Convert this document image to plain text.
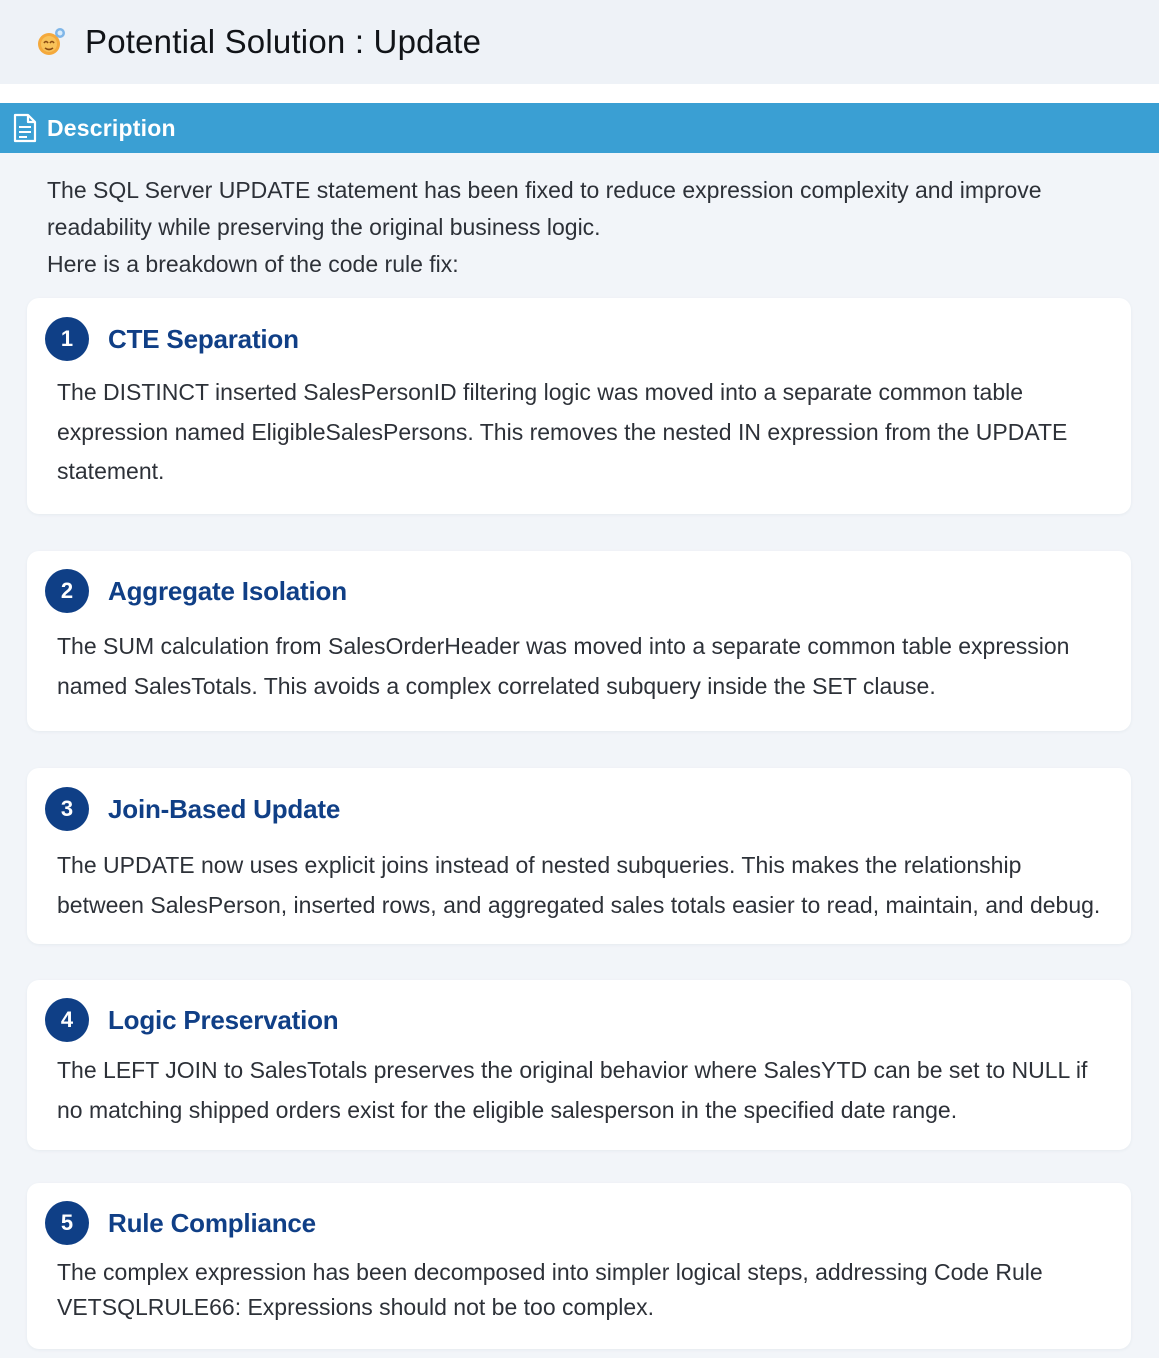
Potential Solution : Update
Description

The SQL Server UPDATE statement has been fixed to reduce expression complexity and improve readability while preserving the original business logic.

Here is a breakdown of the code rule fix:

1	CTE Separation
The DISTINCT inserted SalesPersonID filtering logic was moved into a separate common table expression named EligibleSalesPersons. This removes the nested IN expression from the UPDATE statement.
2	Aggregate Isolation
The SUM calculation from SalesOrderHeader was moved into a separate common table expression named SalesTotals. This avoids a complex correlated subquery inside the SET clause.
3	Join-Based Update
The UPDATE now uses explicit joins instead of nested subqueries. This makes the relationship between SalesPerson, inserted rows, and aggregated sales totals easier to read, maintain, and debug.
4	Logic Preservation
The LEFT JOIN to SalesTotals preserves the original behavior where SalesYTD can be set to NULL if no matching shipped orders exist for the eligible salesperson in the specified date range.
5	Rule Compliance
The complex expression has been decomposed into simpler logical steps, addressing Code Rule VETSQLRULE66: Expressions should not be too complex.
